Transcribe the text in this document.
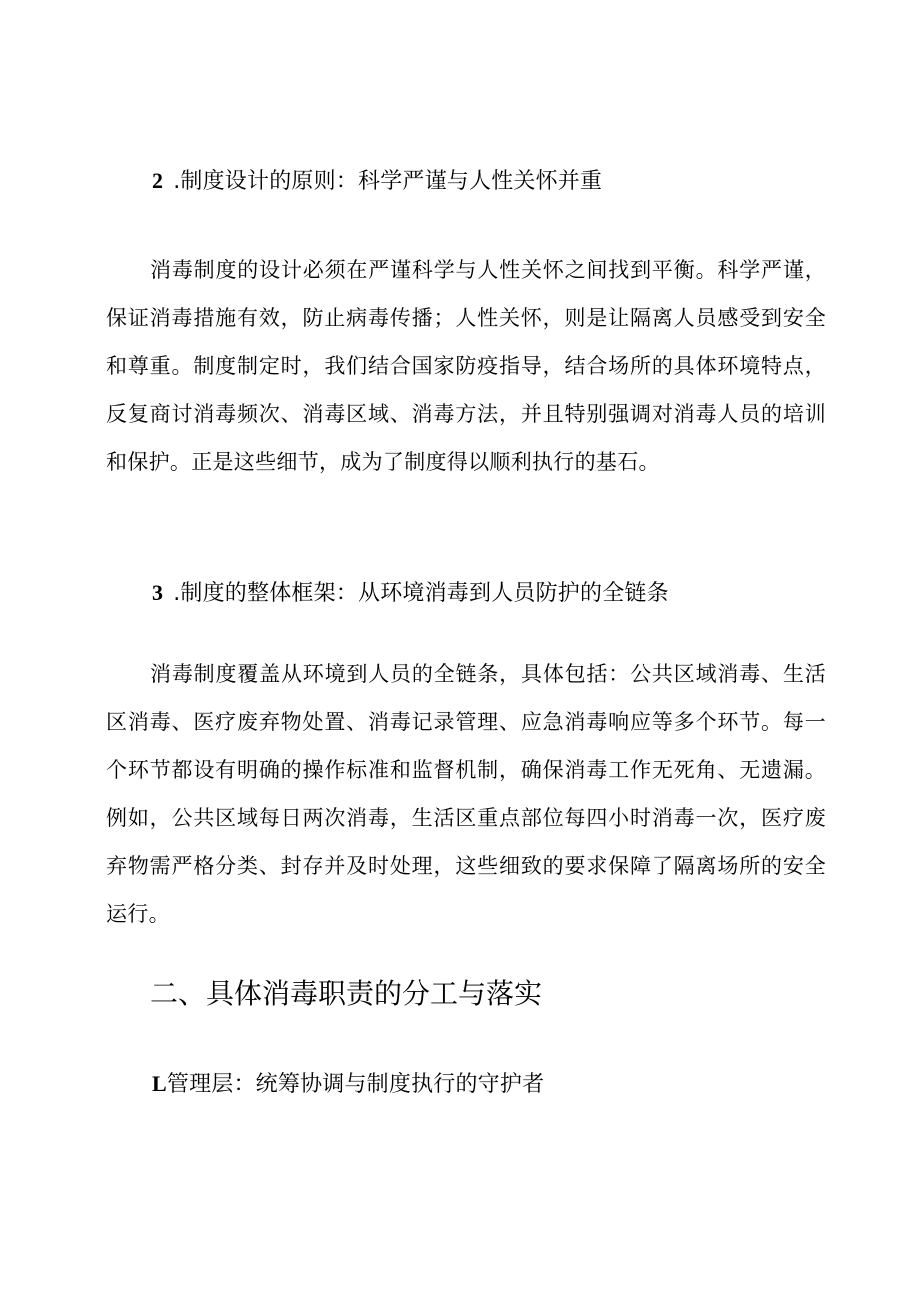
2 .制度设计的原则：科学严谨与人性关怀并重

消毒制度的设计必须在严谨科学与人性关怀之间找到平衡。科学严谨，保证消毒措施有效，防止病毒传播；人性关怀，则是让隔离人员感受到安全和尊重。制度制定时，我们结合国家防疫指导，结合场所的具体环境特点，反复商讨消毒频次、消毒区域、消毒方法，并且特别强调对消毒人员的培训和保护。正是这些细节，成为了制度得以顺利执行的基石。

3 .制度的整体框架：从环境消毒到人员防护的全链条

消毒制度覆盖从环境到人员的全链条，具体包括：公共区域消毒、生活区消毒、医疗废弃物处置、消毒记录管理、应急消毒响应等多个环节。每一个环节都设有明确的操作标准和监督机制，确保消毒工作无死角、无遗漏。例如，公共区域每日两次消毒，生活区重点部位每四小时消毒一次，医疗废弃物需严格分类、封存并及时处理，这些细致的要求保障了隔离场所的安全运行。

二、具体消毒职责的分工与落实
L管理层：统筹协调与制度执行的守护者
